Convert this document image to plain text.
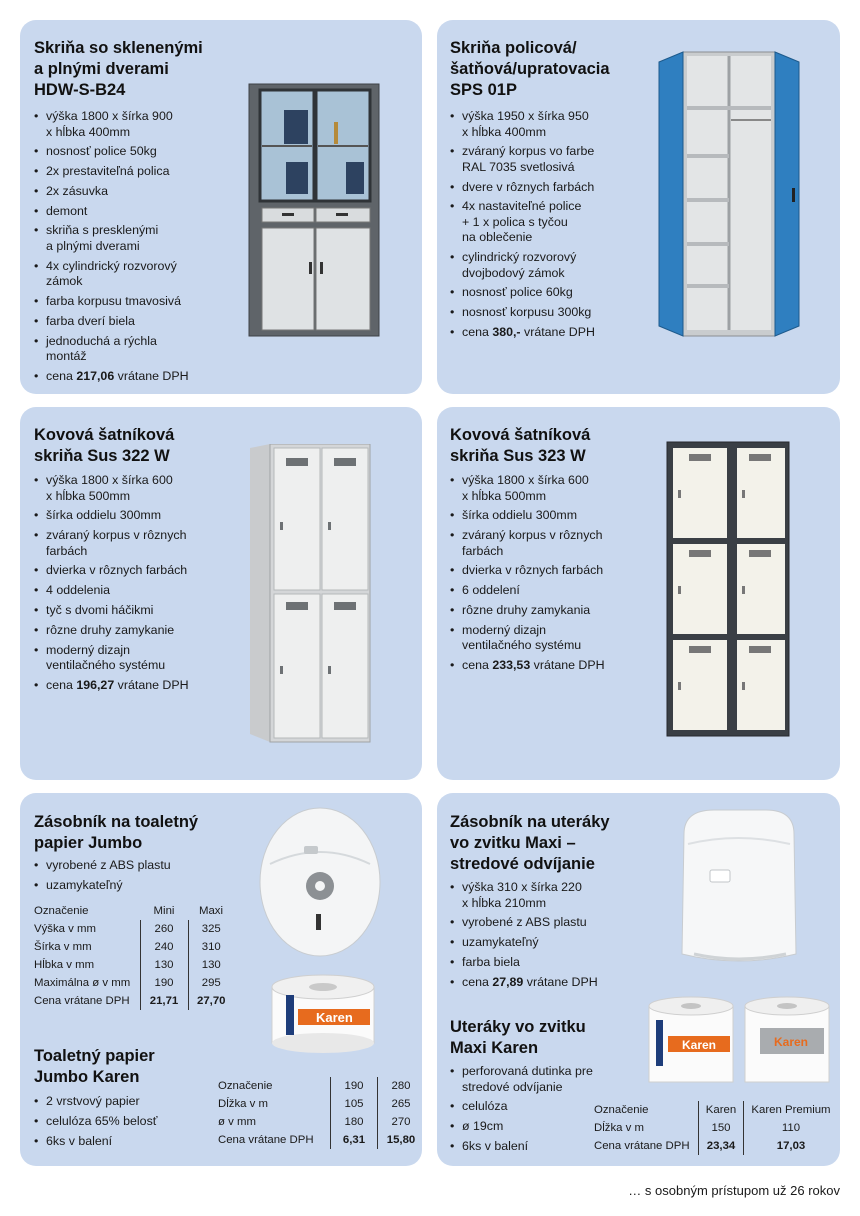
Skriňa so sklenenými
a plnými dverami
HDW-S-B24
• výška 1800 x šírka 900
x hĺbka 400mm
• nosnosť police 50kg
• 2x prestaviteľná polica
• 2x zásuvka
• demont
• skriňa s presklenými
a plnými dverami
• 4x cylindrický rozvorový
zámok
• farba korpusu tmavosivá
• farba dverí biela
• jednoduchá a rýchla
montáž
• cena 217,06 vrátane DPH
Skriňa policová/
šatňová/upratovacia
SPS 01P
• výška 1950 x šírka 950
x hĺbka 400mm
• zváraný korpus vo farbe
RAL 7035 svetlosivá
• dvere v rôznych farbách
• 4x nastaviteľné police
+ 1 x polica s tyčou
na oblečenie
• cylindrický rozvorový
dvojbodový zámok
• nosnosť police 60kg
• nosnosť korpusu 300kg
• cena 380,- vrátane DPH
Kovová šatníková
skriňa Sus 322 W
• výška 1800 x šírka 600
x hĺbka 500mm
• šírka oddielu 300mm
• zváraný korpus v rôznych
farbách
• dvierka v rôznych farbách
• 4 oddelenia
• tyč s dvomi háčikmi
• rôzne druhy zamykanie
• moderný dizajn
ventilačného systému
• cena 196,27 vrátane DPH
Kovová šatníková
skriňa Sus 323 W
• výška 1800 x šírka 600
x hĺbka 500mm
• šírka oddielu 300mm
• zváraný korpus v rôznych
farbách
• dvierka v rôznych farbách
• 6 oddelení
• rôzne druhy zamykania
• moderný dizajn
ventilačného systému
• cena 233,53 vrátane DPH
Zásobník na toaletný
papier Jumbo
• vyrobené z ABS plastu
• uzamykateľný
Označenie	Mini	Maxi
Výška v mm	260	325
Šírka v mm	240	310
Hĺbka v mm	130	130
Maximálna ø v mm	190	295
Cena vrátane DPH	21,71	27,70
Karen
Toaletný papier
Jumbo Karen
• 2 vrstvový papier
• celulóza 65% belosť
• 6ks v balení
Označenie	190	280
Dĺžka v m	105	265
ø v mm	180	270
Cena vrátane DPH	6,31	15,80
Zásobník na uteráky
vo zvitku Maxi –
stredové odvíjanie
• výška 310 x šírka 220
x hĺbka 210mm
• vyrobené z ABS plastu
• uzamykateľný
• farba biela
• cena 27,89 vrátane DPH
Uteráky vo zvitku
Maxi Karen	Karen	Karen
• perforovaná dutinka pre
stredové odvíjanie
• celulóza
• ø 19cm
• 6ks v balení
Označenie	Karen	Karen Premium
Dĺžka v m	150	110
Cena vrátane DPH	23,34	17,03
… s osobným prístupom už 26 rokov
